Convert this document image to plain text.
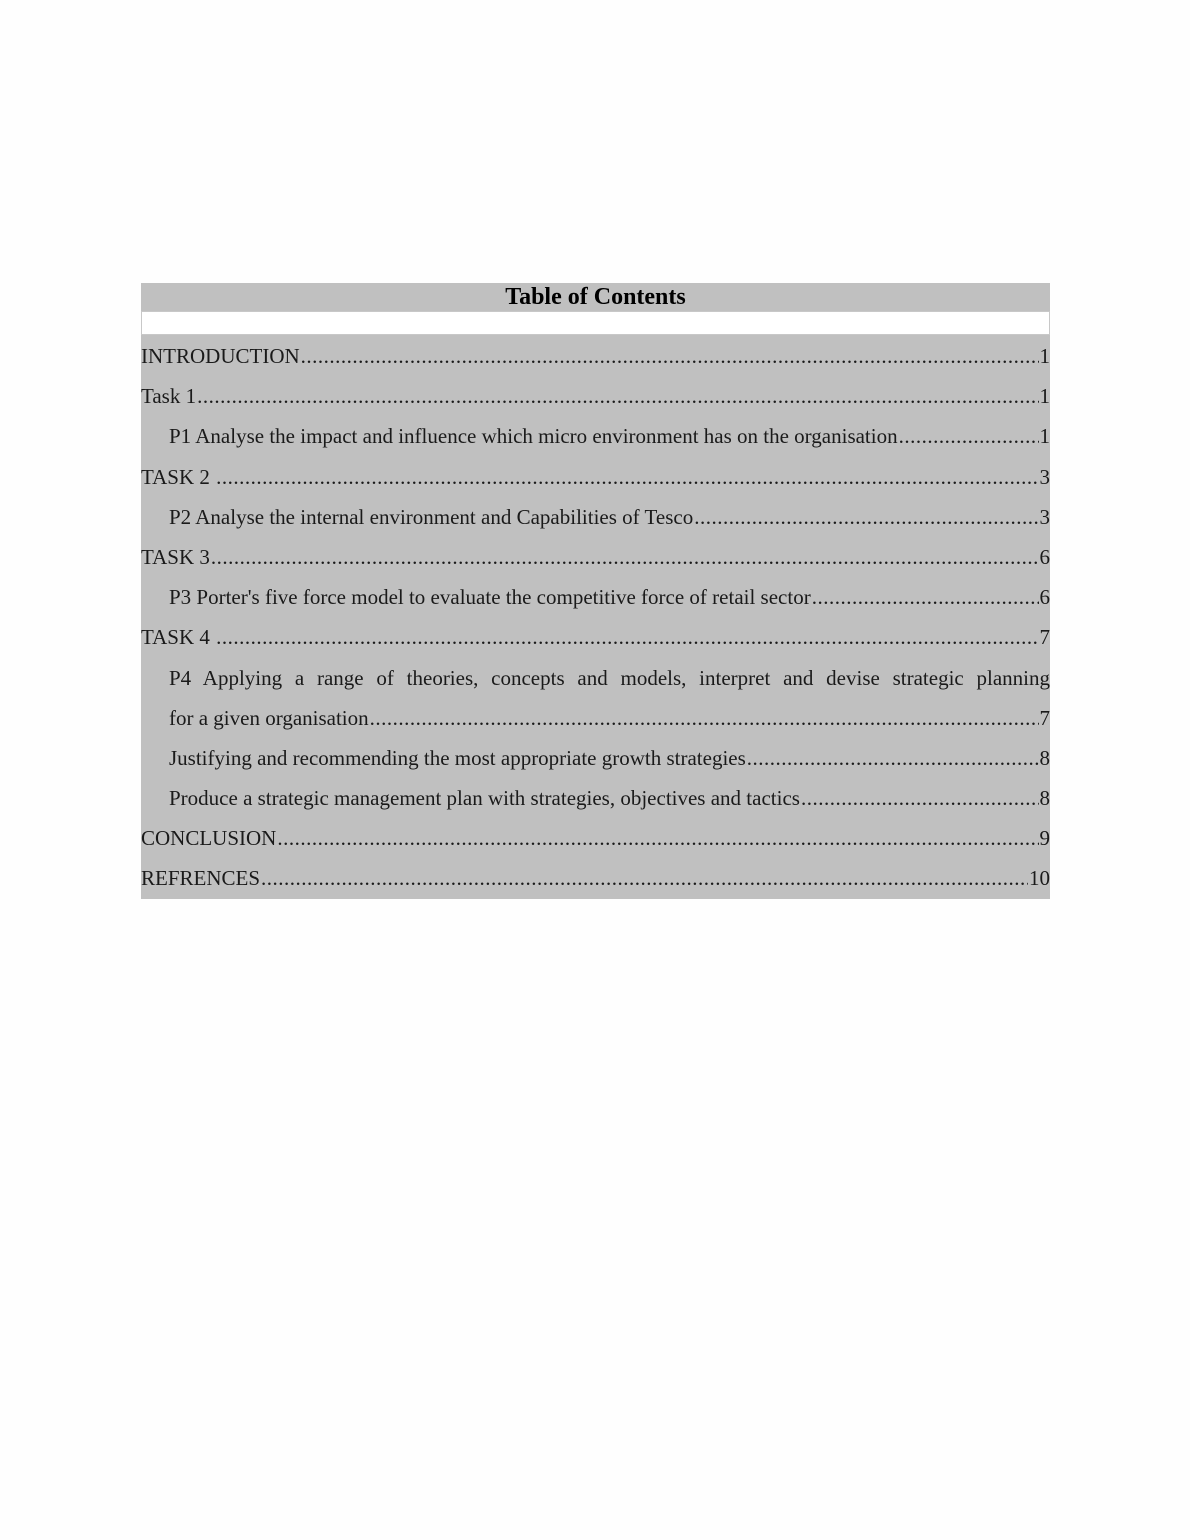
Table of Contents
INTRODUCTION .....	1
Task 1 .....	1
P1 Analyse the impact and influence which micro environment has on the organisation .....	1
TASK 2 .....	3
P2 Analyse the internal environment and Capabilities of Tesco .....	3
TASK 3 .....	6
P3 Porter's five force model to evaluate the competitive force of retail sector .....	6
TASK 4 .....	7
P4 Applying a range of theories, concepts and models, interpret and devise strategic planning
for a given organisation .....	7
Justifying and recommending the most appropriate growth strategies .....	8
Produce a strategic management plan with strategies, objectives and tactics .....	8
CONCLUSION .....	9
REFRENCES .....	10
